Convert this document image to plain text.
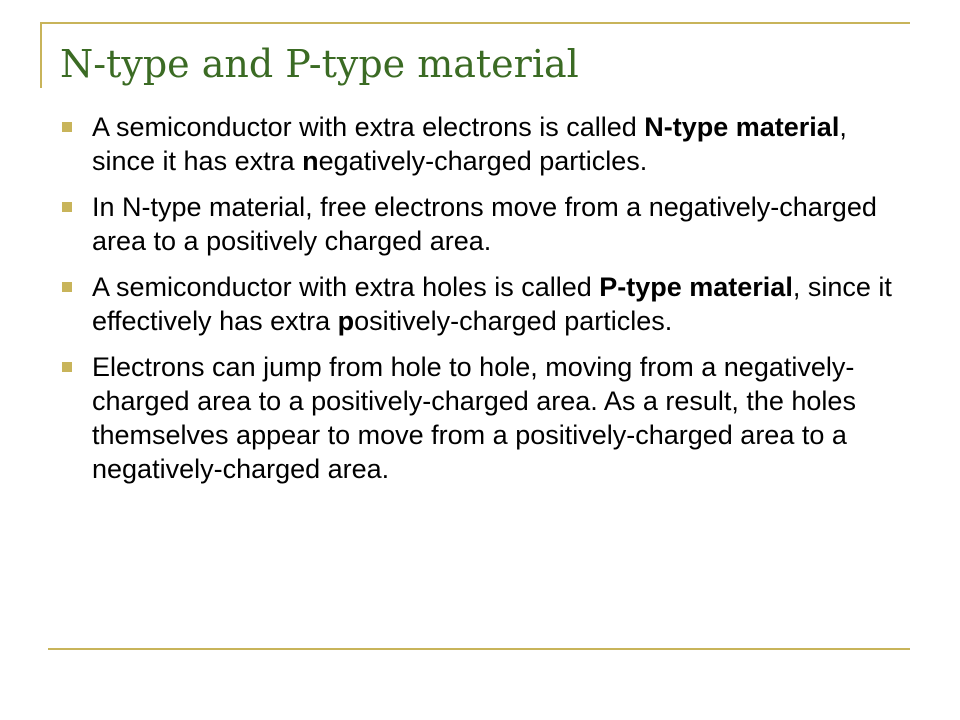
N-type and P-type material
A semiconductor with extra electrons is called N-type material, since it has extra negatively-charged particles.
In N-type material, free electrons move from a negatively-charged area to a positively charged area.
A semiconductor with extra holes is called P-type material, since it effectively has extra positively-charged particles.
Electrons can jump from hole to hole, moving from a negatively-charged area to a positively-charged area. As a result, the holes themselves appear to move from a positively-charged area to a negatively-charged area.
